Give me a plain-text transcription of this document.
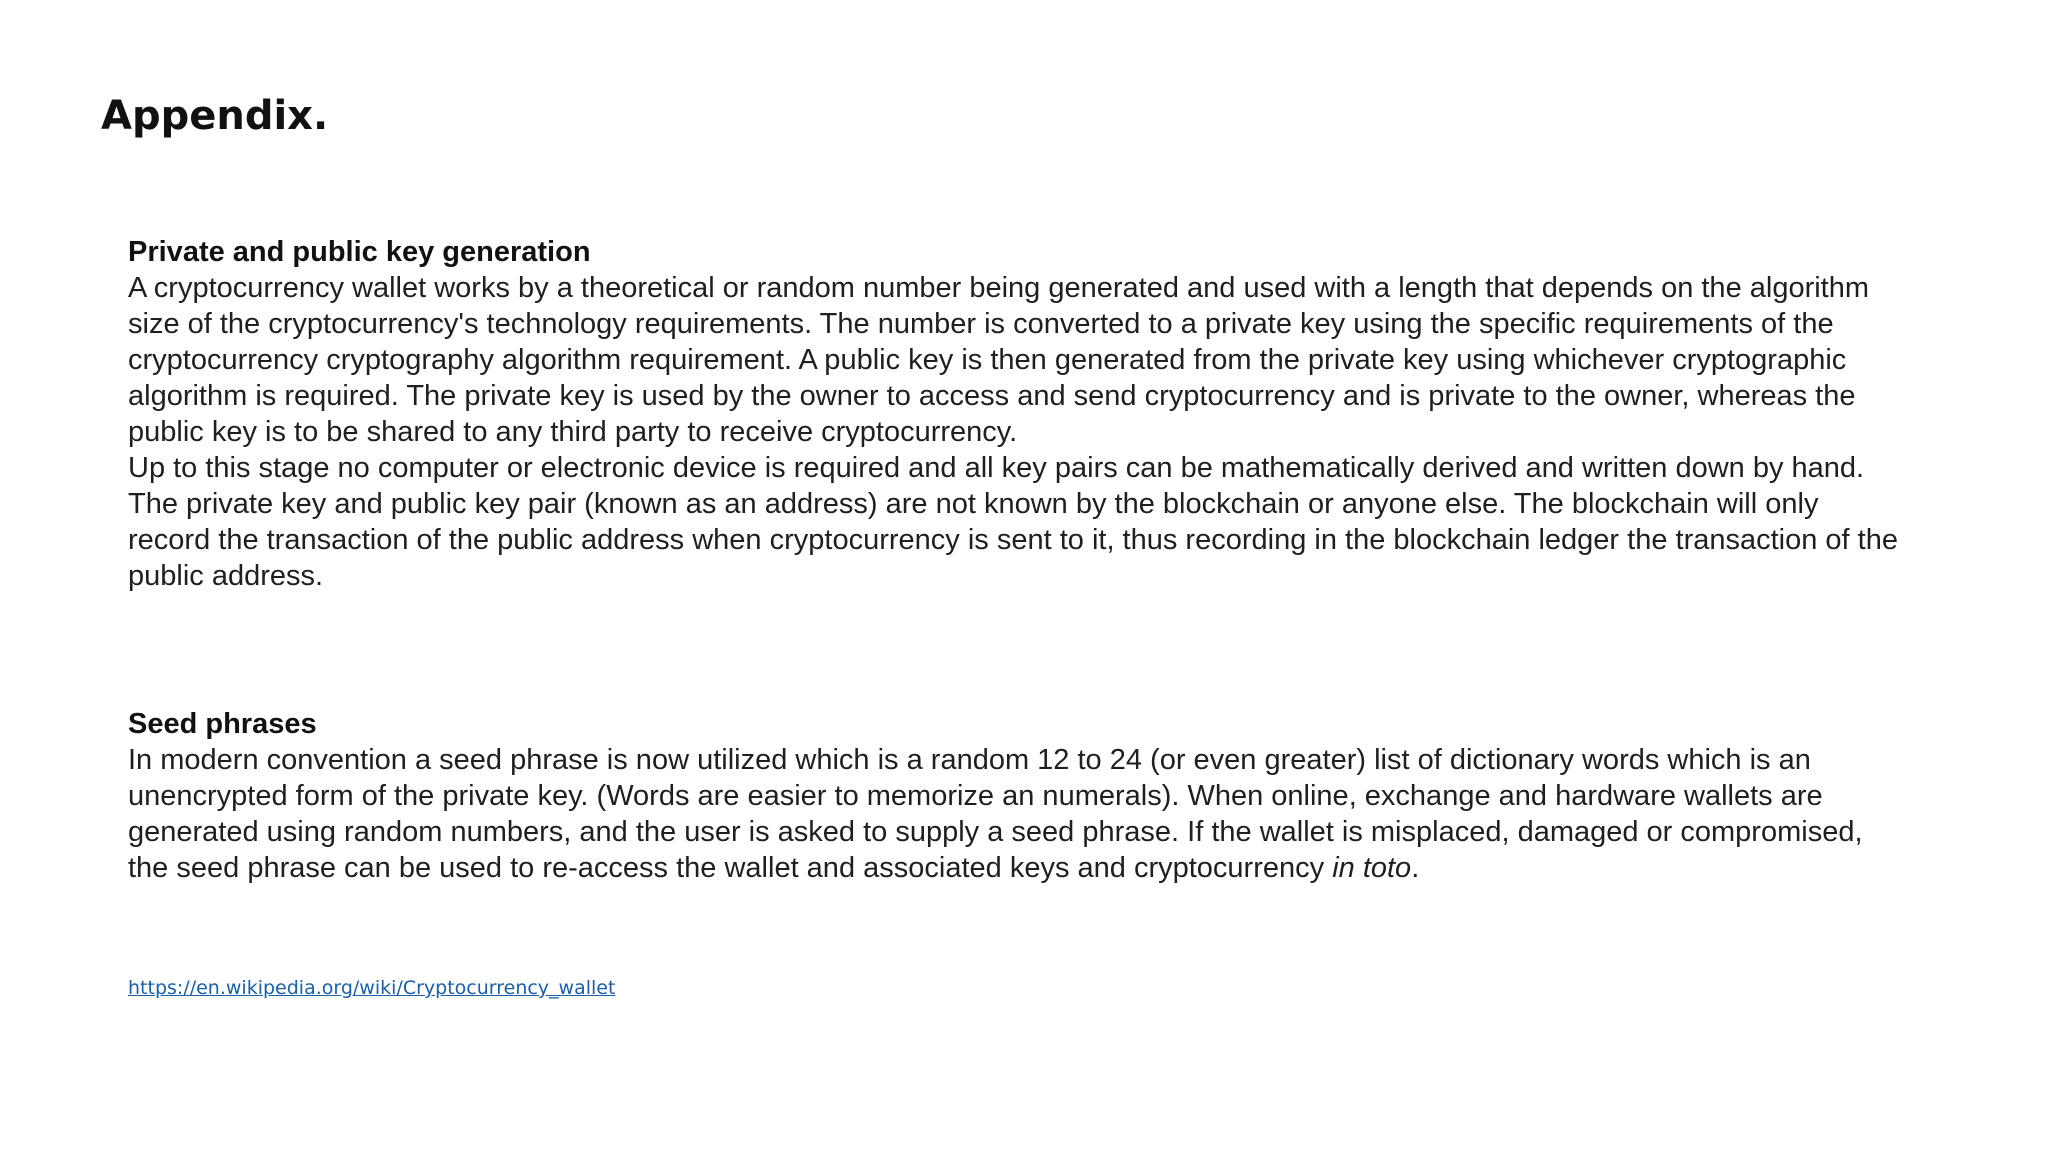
Appendix.
Private and public key generation

A cryptocurrency wallet works by a theoretical or random number being generated and used with a length that depends on the algorithm size of the cryptocurrency's technology requirements. The number is converted to a private key using the specific requirements of the cryptocurrency cryptography algorithm requirement. A public key is then generated from the private key using whichever cryptographic algorithm is required. The private key is used by the owner to access and send cryptocurrency and is private to the owner, whereas the public key is to be shared to any third party to receive cryptocurrency.

Up to this stage no computer or electronic device is required and all key pairs can be mathematically derived and written down by hand. The private key and public key pair (known as an address) are not known by the blockchain or anyone else. The blockchain will only record the transaction of the public address when cryptocurrency is sent to it, thus recording in the blockchain ledger the transaction of the public address.

Seed phrases

In modern convention a seed phrase is now utilized which is a random 12 to 24 (or even greater) list of dictionary words which is an unencrypted form of the private key. (Words are easier to memorize an numerals). When online, exchange and hardware wallets are generated using random numbers, and the user is asked to supply a seed phrase. If the wallet is misplaced, damaged or compromised, the seed phrase can be used to re-access the wallet and associated keys and cryptocurrency in toto.

https://en.wikipedia.org/wiki/Cryptocurrency_wallet
